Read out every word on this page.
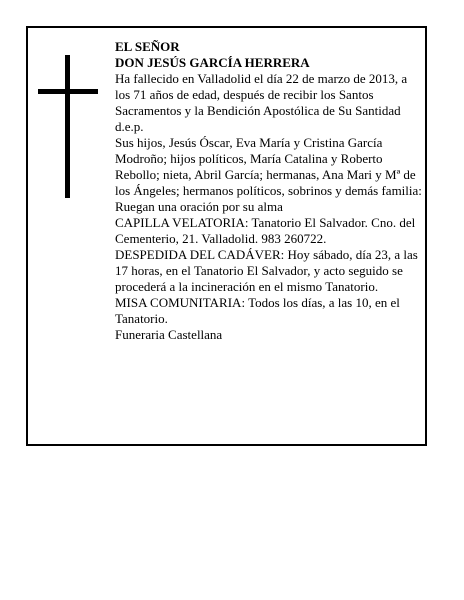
EL SEÑOR

DON JESÚS GARCÍA HERRERA

Ha fallecido en Valladolid el día 22 de marzo de 2013, a los 71 años de edad, después de recibir los Santos Sacramentos y la Bendición Apostólica de Su Santidad d.e.p.

Sus hijos, Jesús Óscar, Eva María y Cristina García Modroño; hijos políticos, María Catalina y Roberto Rebollo; nieta, Abril García; hermanas, Ana Mari y Mª de los Ángeles; hermanos políticos, sobrinos y demás familia:

Ruegan una oración por su alma

CAPILLA VELATORIA: Tanatorio El Salvador. Cno. del Cementerio, 21. Valladolid. 983 260722.

DESPEDIDA DEL CADÁVER: Hoy sábado, día 23, a las 17 horas, en el Tanatorio El Salvador, y acto seguido se procederá a la incineración en el mismo Tanatorio.

MISA COMUNITARIA: Todos los días, a las 10, en el Tanatorio.

Funeraria Castellana
